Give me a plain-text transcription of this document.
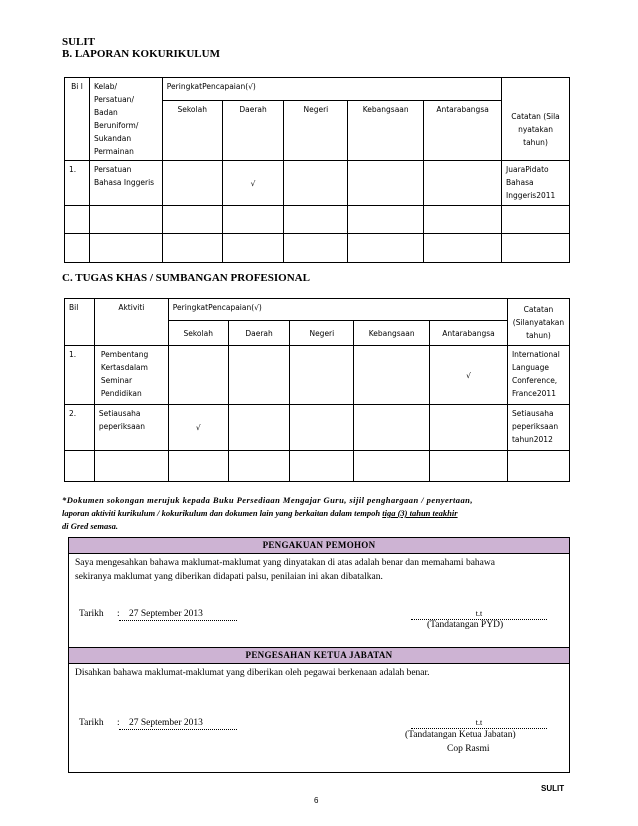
SULIT
B. LAPORAN KOKURIKULUM
Bi l	Kelab/ Persatuan/ Badan Beruniform/ Sukandan Permainan	PeringkatPencapaian(√)					Catatan (Sila nyatakan tahun)
		Sekolah	Daerah	Negeri	Kebangsaan	Antarabangsa	
1.	Persatuan Bahasa Inggeris		√				JuaraPidato Bahasa Inggeris2011

C. TUGAS KHAS / SUMBANGAN PROFESIONAL
Bil	Aktiviti	PeringkatPencapaian(√)					Catatan (Silanyatakan tahun)
		Sekolah	Daerah	Negeri	Kebangsaan	Antarabangsa	
1.	Pembentang Kertasdalam Seminar Pendidikan					√	International Language Conference, France2011
2.	Setiausaha peperiksaan	√					Setiausaha peperiksaan tahun2012

*Dokumen sokongan merujuk kepada Buku Persediaan Mengajar Guru, sijil penghargaan / penyertaan,
laporan aktiviti kurikulum / kokurikulum dan dokumen lain yang berkaitan dalam tempoh tiga (3) tahun teakhir
di Gred semasa.
PENGAKUAN PEMOHON
Saya mengesahkan bahawa maklumat-maklumat yang dinyatakan di atas adalah benar dan memahami bahawa
sekiranya maklumat yang diberikan didapati palsu, penilaian ini akan dibatalkan.
Tarikh : 27 September 2013	t.t
(Tandatangan PYD)
PENGESAHAN KETUA JABATAN
Disahkan bahawa maklumat-maklumat yang diberikan oleh pegawai berkenaan adalah benar.
Tarikh : 27 September 2013	t.t
(Tandatangan Ketua Jabatan)
Cop Rasmi
SULIT
6
